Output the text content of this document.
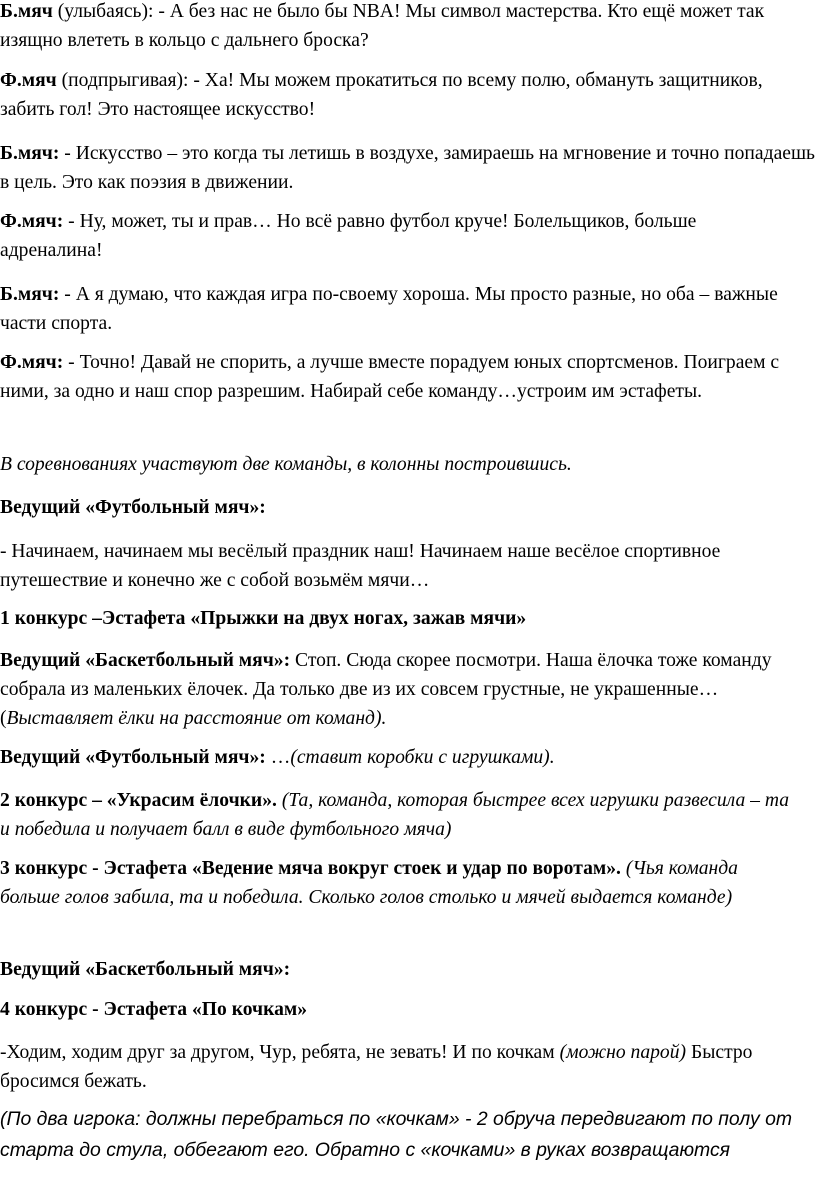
Б.мяч (улыбаясь): - А без нас не было бы NBA! Мы символ мастерства. Кто ещё может так изящно влететь в кольцо с дальнего броска?

Ф.мяч (подпрыгивая): - Ха! Мы можем прокатиться по всему полю, обмануть защитников, забить гол! Это настоящее искусство!

Б.мяч: - Искусство – это когда ты летишь в воздухе, замираешь на мгновение и точно попадаешь в цель. Это как поэзия в движении.

Ф.мяч: - Ну, может, ты и прав… Но всё равно футбол круче! Болельщиков, больше адреналина!

Б.мяч: - А я думаю, что каждая игра по-своему хороша. Мы просто разные, но оба – важные части спорта.

Ф.мяч: - Точно! Давай не спорить, а лучше вместе порадуем юных спортсменов. Поиграем с ними, за одно и наш спор разрешим. Набирай себе команду…устроим им эстафеты.

В соревнованиях участвуют две команды, в колонны построившись.

Ведущий «Футбольный мяч»:

- Начинаем, начинаем мы весёлый праздник наш! Начинаем наше весёлое спортивное путешествие и конечно же с собой возьмём мячи…

1 конкурс –Эстафета «Прыжки на двух ногах, зажав мячи»

Ведущий «Баскетбольный мяч»: Стоп. Сюда скорее посмотри. Наша ёлочка тоже команду собрала из маленьких ёлочек. Да только две из их совсем грустные, не украшенные… (Выставляет ёлки на расстояние от команд).

Ведущий «Футбольный мяч»: …(ставит коробки с игрушками).

2 конкурс – «Украсим ёлочки». (Та, команда, которая быстрее всех игрушки развесила – та и победила и получает балл в виде футбольного мяча)

3 конкурс - Эстафета «Ведение мяча вокруг стоек и удар по воротам». (Чья команда больше голов забила, та и победила. Сколько голов столько и мячей выдается команде)

Ведущий «Баскетбольный мяч»:

4 конкурс - Эстафета «По кочкам»

-Ходим, ходим друг за другом, Чур, ребята, не зевать! И по кочкам (можно парой) Быстро бросимся бежать.

(По два игрока: должны перебраться по «кочкам» - 2 обруча передвигают по полу от старта до стула, оббегают его. Обратно с «кочками» в руках возвращаются
